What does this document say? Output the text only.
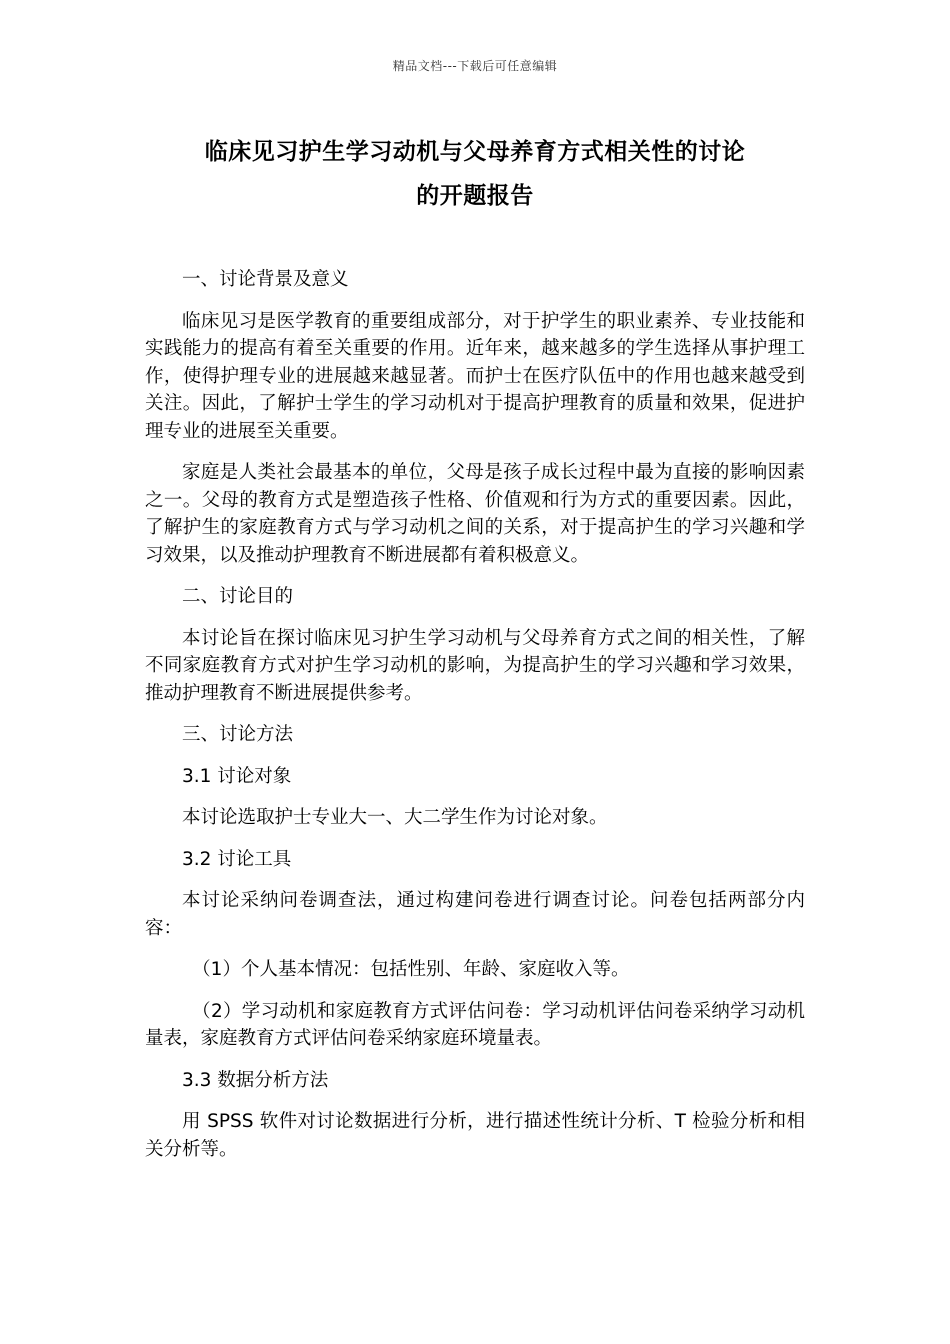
精品文档---下载后可任意编辑
临床见习护生学习动机与父母养育方式相关性的讨论
的开题报告

一、讨论背景及意义

临床见习是医学教育的重要组成部分，对于护学生的职业素养、专业技能和实践能力的提高有着至关重要的作用。近年来，越来越多的学生选择从事护理工作，使得护理专业的进展越来越显著。而护士在医疗队伍中的作用也越来越受到关注。因此，了解护士学生的学习动机对于提高护理教育的质量和效果，促进护理专业的进展至关重要。

家庭是人类社会最基本的单位，父母是孩子成长过程中最为直接的影响因素之一。父母的教育方式是塑造孩子性格、价值观和行为方式的重要因素。因此，了解护生的家庭教育方式与学习动机之间的关系，对于提高护生的学习兴趣和学习效果，以及推动护理教育不断进展都有着积极意义。

二、讨论目的

本讨论旨在探讨临床见习护生学习动机与父母养育方式之间的相关性，了解不同家庭教育方式对护生学习动机的影响，为提高护生的学习兴趣和学习效果，推动护理教育不断进展提供参考。

三、讨论方法

3.1 讨论对象

本讨论选取护士专业大一、大二学生作为讨论对象。

3.2 讨论工具

本讨论采纳问卷调查法，通过构建问卷进行调查讨论。问卷包括两部分内容：

（1）个人基本情况：包括性别、年龄、家庭收入等。

（2）学习动机和家庭教育方式评估问卷：学习动机评估问卷采纳学习动机量表，家庭教育方式评估问卷采纳家庭环境量表。

3.3 数据分析方法

用 SPSS 软件对讨论数据进行分析，进行描述性统计分析、T 检验分析和相关分析等。
